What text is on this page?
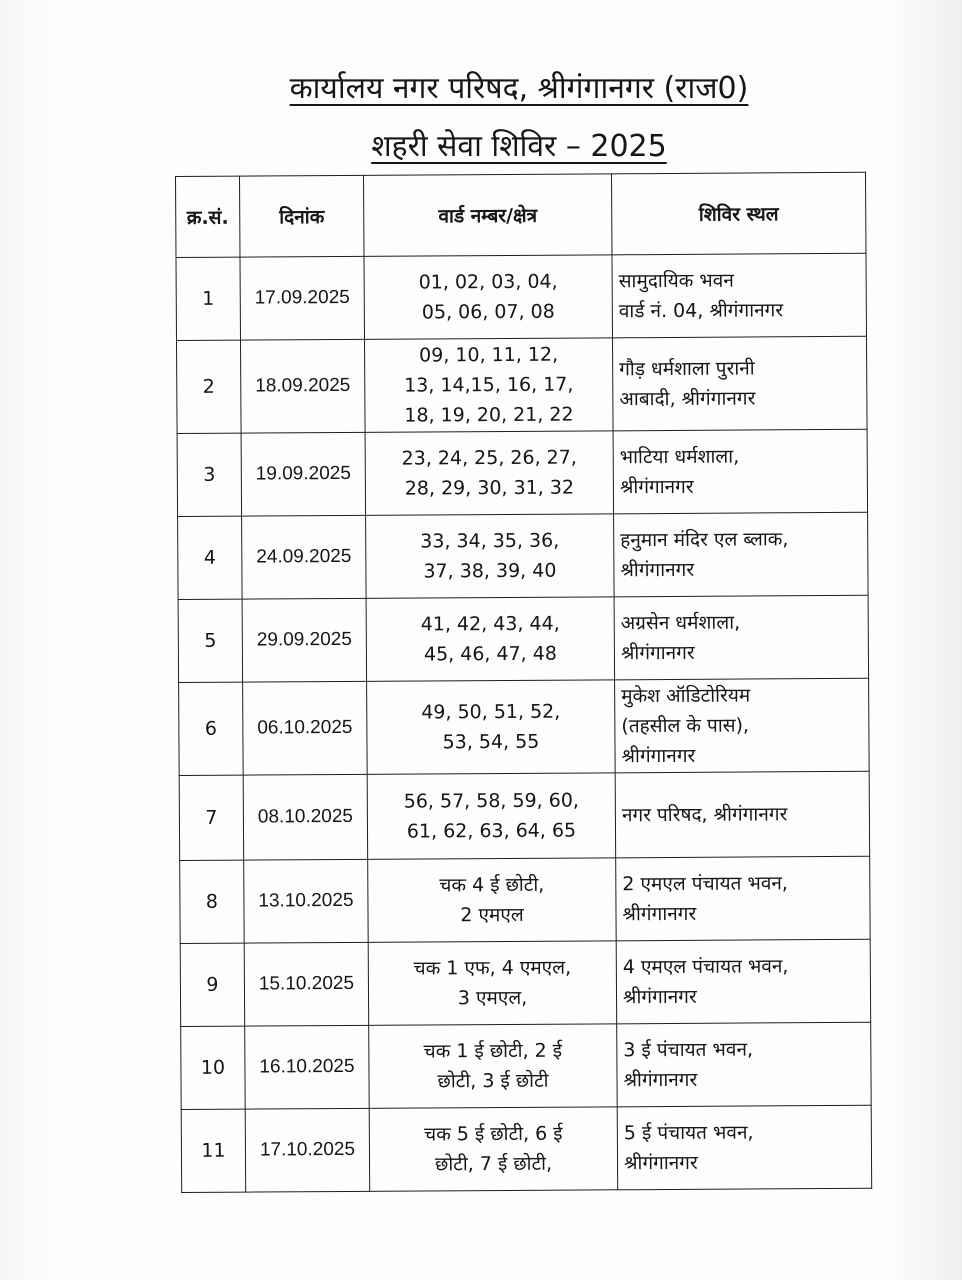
कार्यालय नगर परिषद, श्रीगंगानगर (राज0)
शहरी सेवा शिविर – 2025
क्र.सं.	दिनांक	वार्ड नम्बर/क्षेत्र	शिविर स्थल
1	17.09.2025	01, 02, 03, 04,
05, 06, 07, 08	सामुदायिक भवन
वार्ड नं. 04, श्रीगंगानगर

2	18.09.2025	09, 10, 11, 12,
13, 14,15, 16, 17,
18, 19, 20, 21, 22	गौड़ धर्मशाला पुरानी
आबादी, श्रीगंगानगर

3	19.09.2025	23, 24, 25, 26, 27,
28, 29, 30, 31, 32	भाटिया धर्मशाला,
श्रीगंगानगर

4	24.09.2025	33, 34, 35, 36,
37, 38, 39, 40	हनुमान मंदिर एल ब्लाक,
श्रीगंगानगर

5	29.09.2025	41, 42, 43, 44,
45, 46, 47, 48	अग्रसेन धर्मशाला,
श्रीगंगानगर

6	06.10.2025	49, 50, 51, 52,
53, 54, 55	मुकेश ऑडिटोरियम
(तहसील के पास),
श्रीगंगानगर

7	08.10.2025	56, 57, 58, 59, 60,
61, 62, 63, 64, 65	नगर परिषद, श्रीगंगानगर

8	13.10.2025	चक 4 ई छोटी,
2 एमएल	2 एमएल पंचायत भवन,
श्रीगंगानगर

9	15.10.2025	चक 1 एफ, 4 एमएल,
3 एमएल,	4 एमएल पंचायत भवन,
श्रीगंगानगर

10	16.10.2025	चक 1 ई छोटी, 2 ई
छोटी, 3 ई छोटी	3 ई पंचायत भवन,
श्रीगंगानगर

11	17.10.2025	चक 5 ई छोटी, 6 ई
छोटी, 7 ई छोटी,	5 ई पंचायत भवन,
श्रीगंगानगर
